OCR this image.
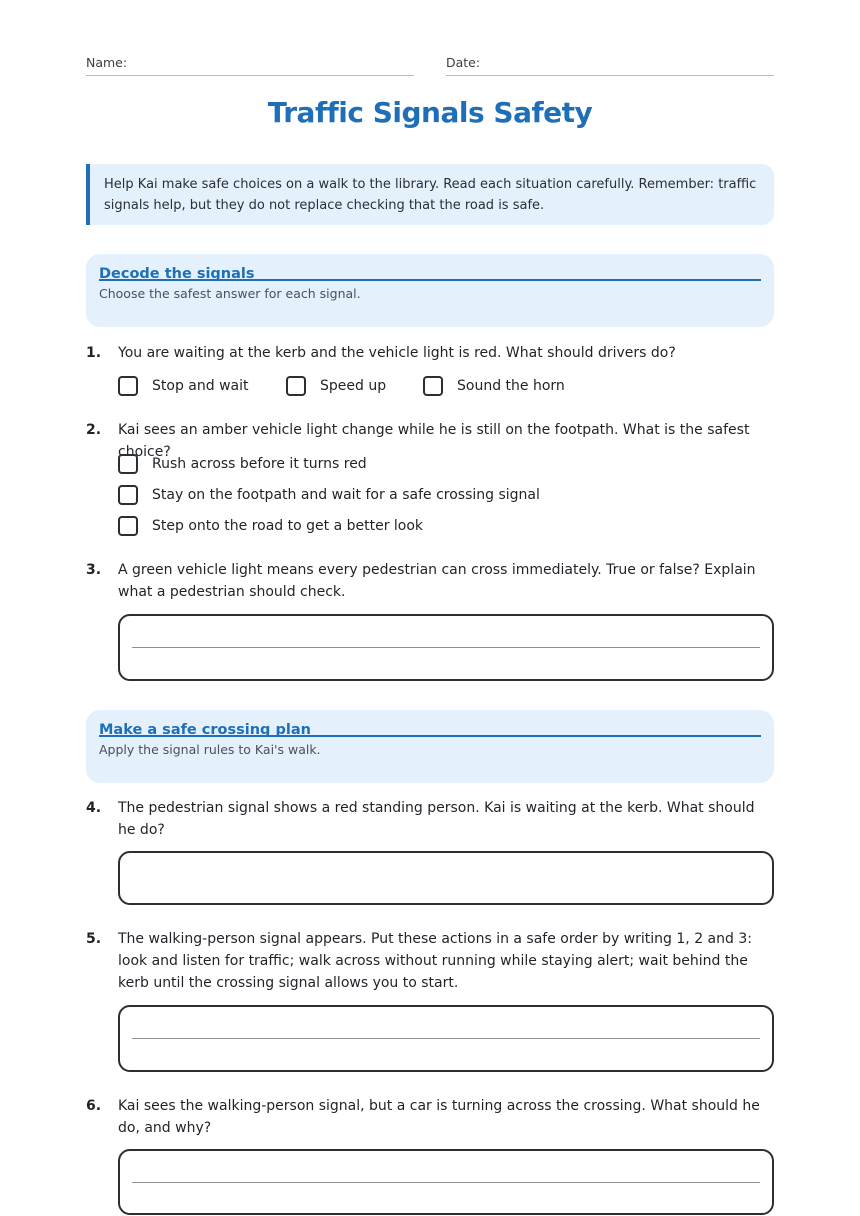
Name:	Date:
Traffic Signals Safety
Help Kai make safe choices on a walk to the library. Read each situation carefully. Remember: traffic signals help, but they do not replace checking that the road is safe.
Decode the signals
Choose the safest answer for each signal.
1. You are waiting at the kerb and the vehicle light is red. What should drivers do?
Stop and wait	Speed up	Sound the horn
2. Kai sees an amber vehicle light change while he is still on the footpath. What is the safest choice?
Rush across before it turns red
Stay on the footpath and wait for a safe crossing signal
Step onto the road to get a better look
3. A green vehicle light means every pedestrian can cross immediately. True or false? Explain what a pedestrian should check.
Make a safe crossing plan
Apply the signal rules to Kai's walk.
4. The pedestrian signal shows a red standing person. Kai is waiting at the kerb. What should he do?
5. The walking-person signal appears. Put these actions in a safe order by writing 1, 2 and 3: look and listen for traffic; walk across without running while staying alert; wait behind the kerb until the crossing signal allows you to start.
6. Kai sees the walking-person signal, but a car is turning across the crossing. What should he do, and why?
